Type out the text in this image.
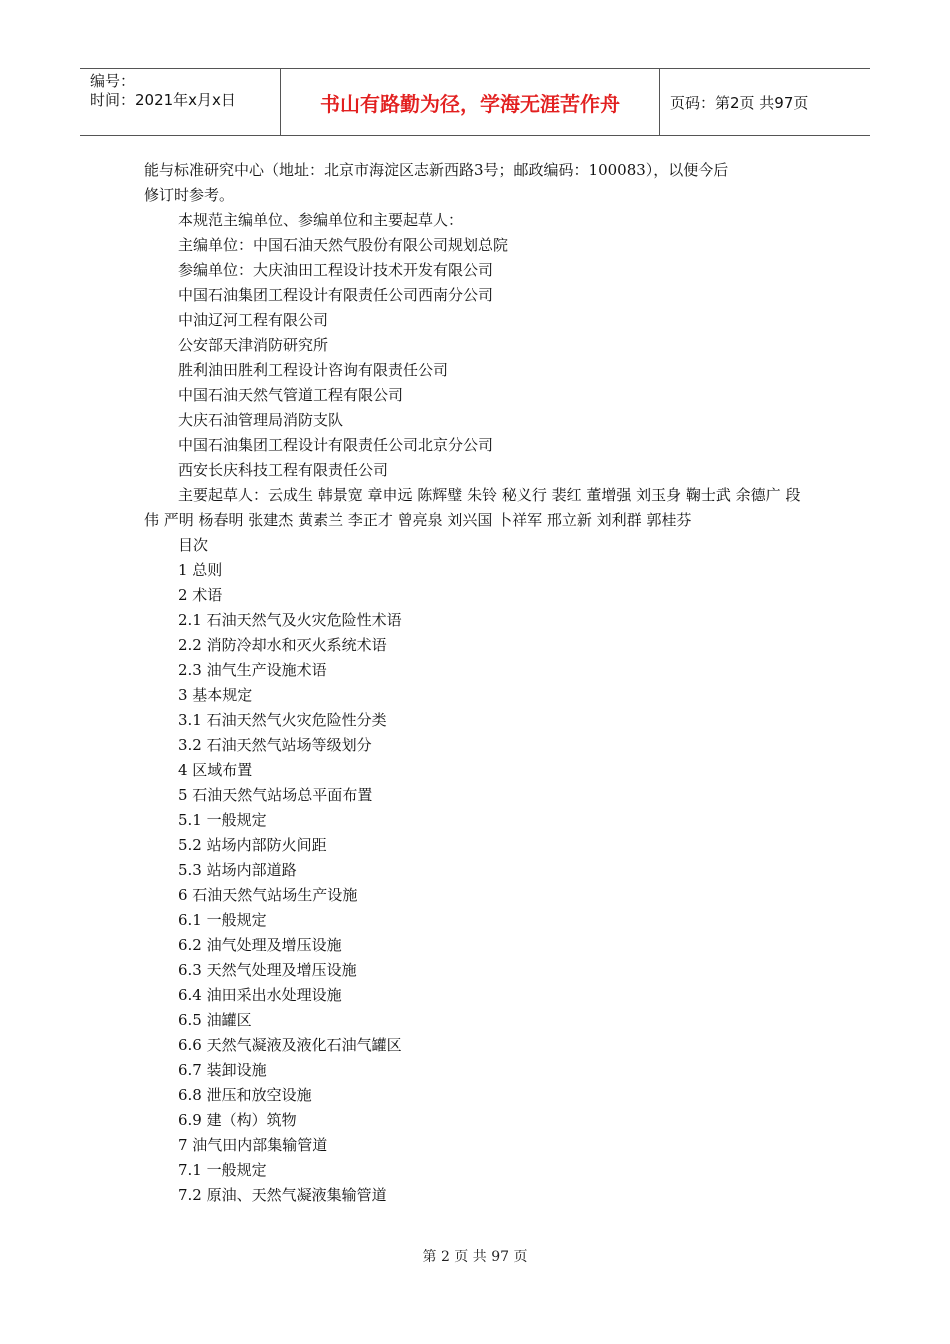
编号：
时间：2021年x月x日	书山有路勤为径，学海无涯苦作舟	页码：第2页 共97页

能与标准研究中心（地址：北京市海淀区志新西路3号；邮政编码：100083），以便今后

修订时参考。

本规范主编单位、参编单位和主要起草人：

主编单位：中国石油天然气股份有限公司规划总院

参编单位：大庆油田工程设计技术开发有限公司

中国石油集团工程设计有限责任公司西南分公司

中油辽河工程有限公司

公安部天津消防研究所

胜利油田胜利工程设计咨询有限责任公司

中国石油天然气管道工程有限公司

大庆石油管理局消防支队

中国石油集团工程设计有限责任公司北京分公司

西安长庆科技工程有限责任公司

主要起草人：云成生 韩景宽 章申远 陈辉璧 朱铃 秘义行 裴红 董增强 刘玉身 鞠士武 余德广 段伟 严明 杨春明 张建杰 黄素兰 李正才 曾亮泉 刘兴国 卜祥军 邢立新 刘利群 郭桂芬

目次

1 总则

2 术语

2.1 石油天然气及火灾危险性术语

2.2 消防冷却水和灭火系统术语

2.3 油气生产设施术语

3 基本规定

3.1 石油天然气火灾危险性分类

3.2 石油天然气站场等级划分

4 区域布置

5 石油天然气站场总平面布置

5.1 一般规定

5.2 站场内部防火间距

5.3 站场内部道路

6 石油天然气站场生产设施

6.1 一般规定

6.2 油气处理及增压设施

6.3 天然气处理及增压设施

6.4 油田采出水处理设施

6.5 油罐区

6.6 天然气凝液及液化石油气罐区

6.7 装卸设施

6.8 泄压和放空设施

6.9 建（构）筑物

7 油气田内部集输管道

7.1 一般规定

7.2 原油、天然气凝液集输管道

第 2 页 共 97 页
